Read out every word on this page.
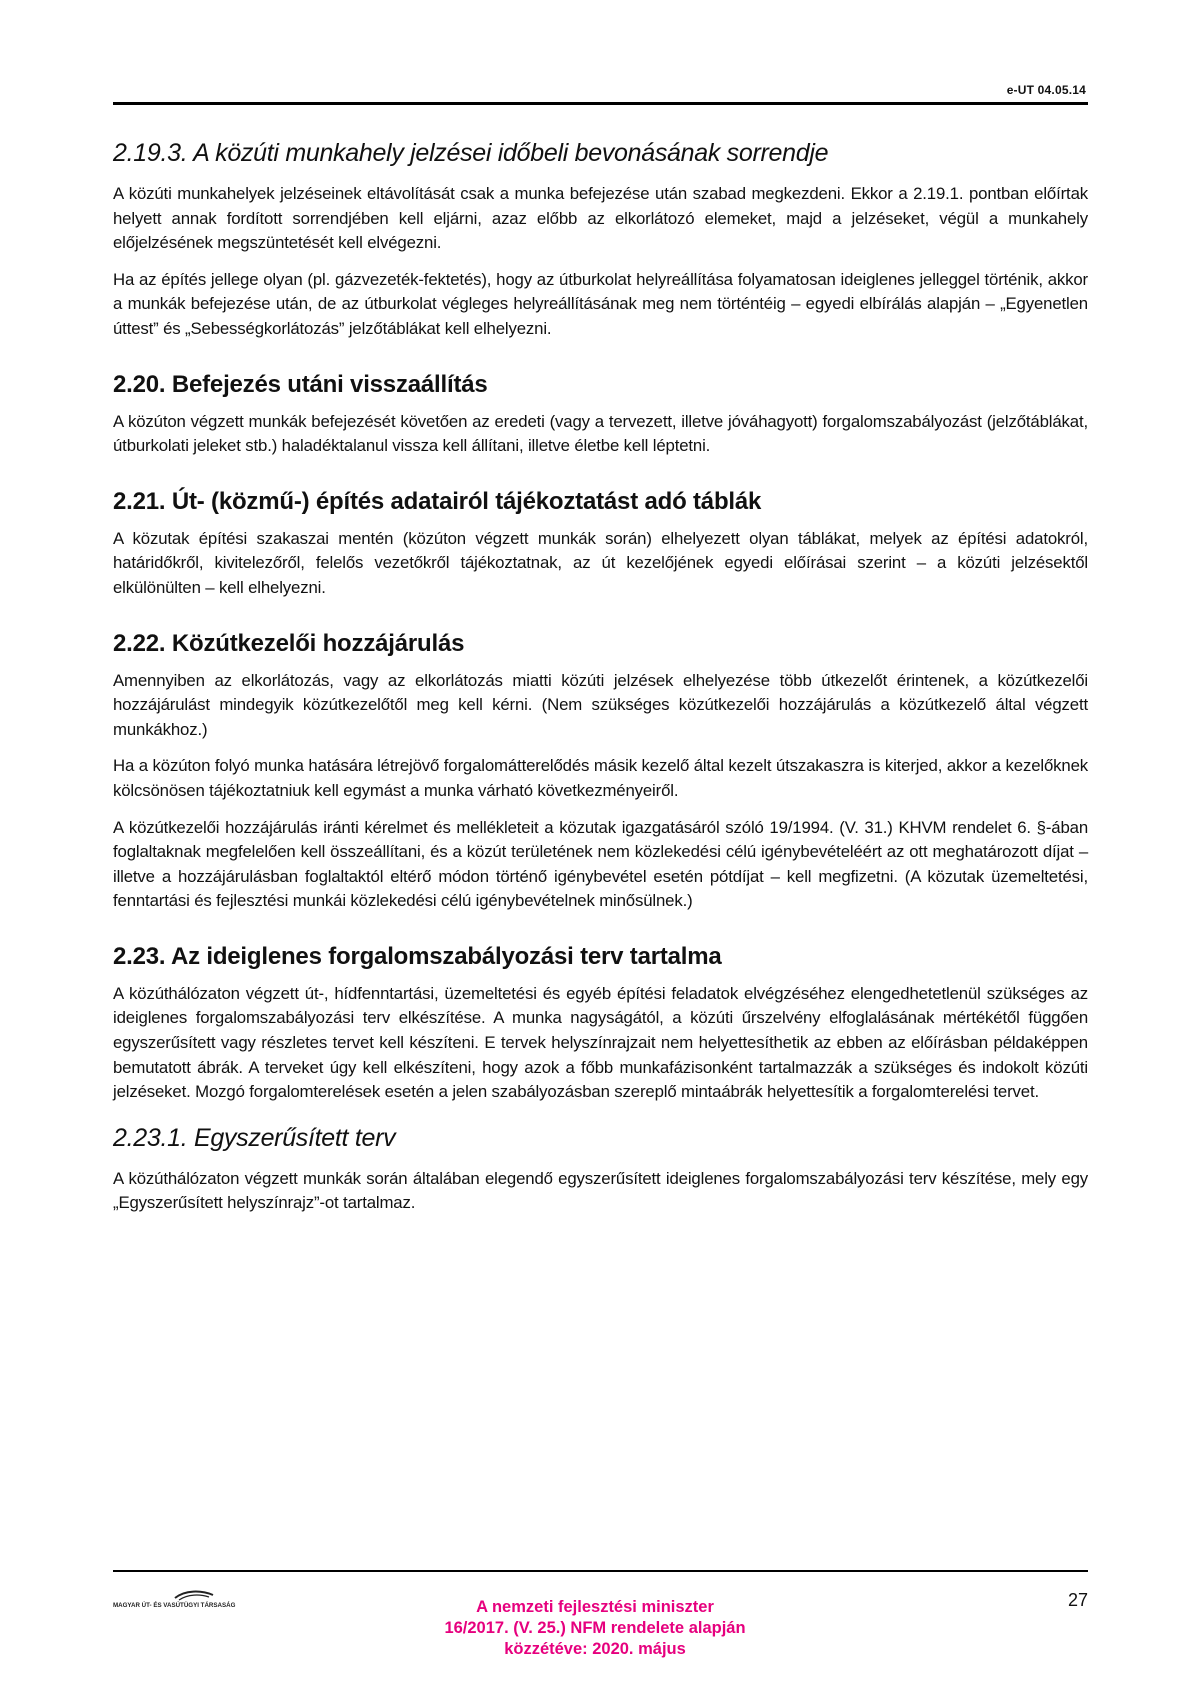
e-UT 04.05.14
2.19.3. A közúti munkahely jelzései időbeli bevonásának sorrendje

A közúti munkahelyek jelzéseinek eltávolítását csak a munka befejezése után szabad megkezdeni. Ekkor a 2.19.1. pontban előírtak helyett annak fordított sorrendjében kell eljárni, azaz előbb az elkorlátozó elemeket, majd a jelzéseket, végül a munkahely előjelzésének megszüntetését kell elvégezni.

Ha az építés jellege olyan (pl. gázvezeték-fektetés), hogy az útburkolat helyreállítása folyamatosan ideiglenes jelleggel történik, akkor a munkák befejezése után, de az útburkolat végleges helyreállításának meg nem történtéig – egyedi elbírálás alapján – „Egyenetlen úttest” és „Sebességkorlátozás” jelzőtáblákat kell elhelyezni.

2.20. Befejezés utáni visszaállítás

A közúton végzett munkák befejezését követően az eredeti (vagy a tervezett, illetve jóváhagyott) forgalomszabályozást (jelzőtáblákat, útburkolati jeleket stb.) haladéktalanul vissza kell állítani, illetve életbe kell léptetni.

2.21. Út- (közmű-) építés adatairól tájékoztatást adó táblák

A közutak építési szakaszai mentén (közúton végzett munkák során) elhelyezett olyan táblákat, melyek az építési adatokról, határidőkről, kivitelezőről, felelős vezetőkről tájékoztatnak, az út kezelőjének egyedi előírásai szerint – a közúti jelzésektől elkülönülten – kell elhelyezni.

2.22. Közútkezelői hozzájárulás

Amennyiben az elkorlátozás, vagy az elkorlátozás miatti közúti jelzések elhelyezése több útkezelőt érintenek, a közútkezelői hozzájárulást mindegyik közútkezelőtől meg kell kérni. (Nem szükséges közútkezelői hozzájárulás a közútkezelő által végzett munkákhoz.)

Ha a közúton folyó munka hatására létrejövő forgalomátterelődés másik kezelő által kezelt útszakaszra is kiterjed, akkor a kezelőknek kölcsönösen tájékoztatniuk kell egymást a munka várható következményeiről.

A közútkezelői hozzájárulás iránti kérelmet és mellékleteit a közutak igazgatásáról szóló 19/1994. (V. 31.) KHVM rendelet 6. §-ában foglaltaknak megfelelően kell összeállítani, és a közút területének nem közlekedési célú igénybevételéért az ott meghatározott díjat – illetve a hozzájárulásban foglaltaktól eltérő módon történő igénybevétel esetén pótdíjat – kell megfizetni. (A közutak üzemeltetési, fenntartási és fejlesztési munkái közlekedési célú igénybevételnek minősülnek.)

2.23. Az ideiglenes forgalomszabályozási terv tartalma

A közúthálózaton végzett út-, hídfenntartási, üzemeltetési és egyéb építési feladatok elvégzéséhez elengedhetetlenül szükséges az ideiglenes forgalomszabályozási terv elkészítése. A munka nagyságától, a közúti űrszelvény elfoglalásának mértékétől függően egyszerűsített vagy részletes tervet kell készíteni. E tervek helyszínrajzait nem helyettesíthetik az ebben az előírásban példaképpen bemutatott ábrák. A terveket úgy kell elkészíteni, hogy azok a főbb munkafázisonként tartalmazzák a szükséges és indokolt közúti jelzéseket. Mozgó forgalomterelések esetén a jelen szabályozásban szereplő mintaábrák helyettesítik a forgalomterelési tervet.

2.23.1. Egyszerűsített terv

A közúthálózaton végzett munkák során általában elegendő egyszerűsített ideiglenes forgalomszabályozási terv készítése, mely egy „Egyszerűsített helyszínrajz”-ot tartalmaz.

MAGYAR ÚT- ÉS VASÚTÜGYI TÁRSASÁG	A nemzeti fejlesztési miniszter
16/2017. (V. 25.) NFM rendelete alapján
közzétéve: 2020. május
27
